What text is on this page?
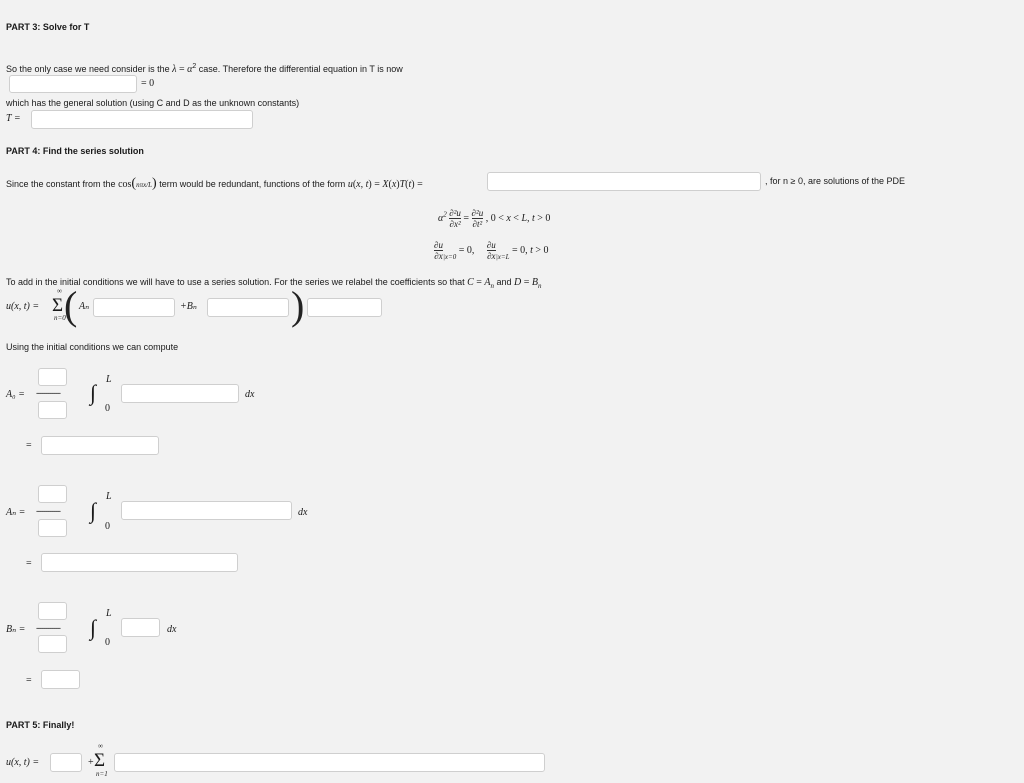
PART 3: Solve for T
So the only case we need consider is the $\lambda = \alpha^2$ case. Therefore the differential equation in T is now
= 0
which has the general solution (using C and D as the unknown constants)
T =
PART 4: Find the series solution
Since the constant from the cos(nπx/L) term would be redundant, functions of the form u(x, t) = X(x)T(t) =	, for n ≥ 0, are solutions of the PDE
$\alpha^2 \frac{\text{∂²u}}{\text{∂x²}} = \frac{\text{∂²u}}{\text{∂t²}}$ , 0 < x < L, t > 0
$\frac{\partial u}{\partial x} _{|x=0} = 0$, $\frac{\partial u}{\partial x} _{|x=L} = 0$, t > 0
To add in the initial conditions we will have to use a series solution. For the series we relabel the coefficients so that $C = A_n$ and $D = B_n$
u(x, t) =
∞
Σ
n=0
( Aₙ	+Bₙ )
Using the initial conditions we can compute
A₀ = ------------ ∫
L
0
dx
=
Aₙ = ------------ ∫
L
0
dx
=
Bₙ = ------------ ∫
L
0
dx
=
PART 5: Finally!
u(x, t) =	+
∞
Σ
n=1
